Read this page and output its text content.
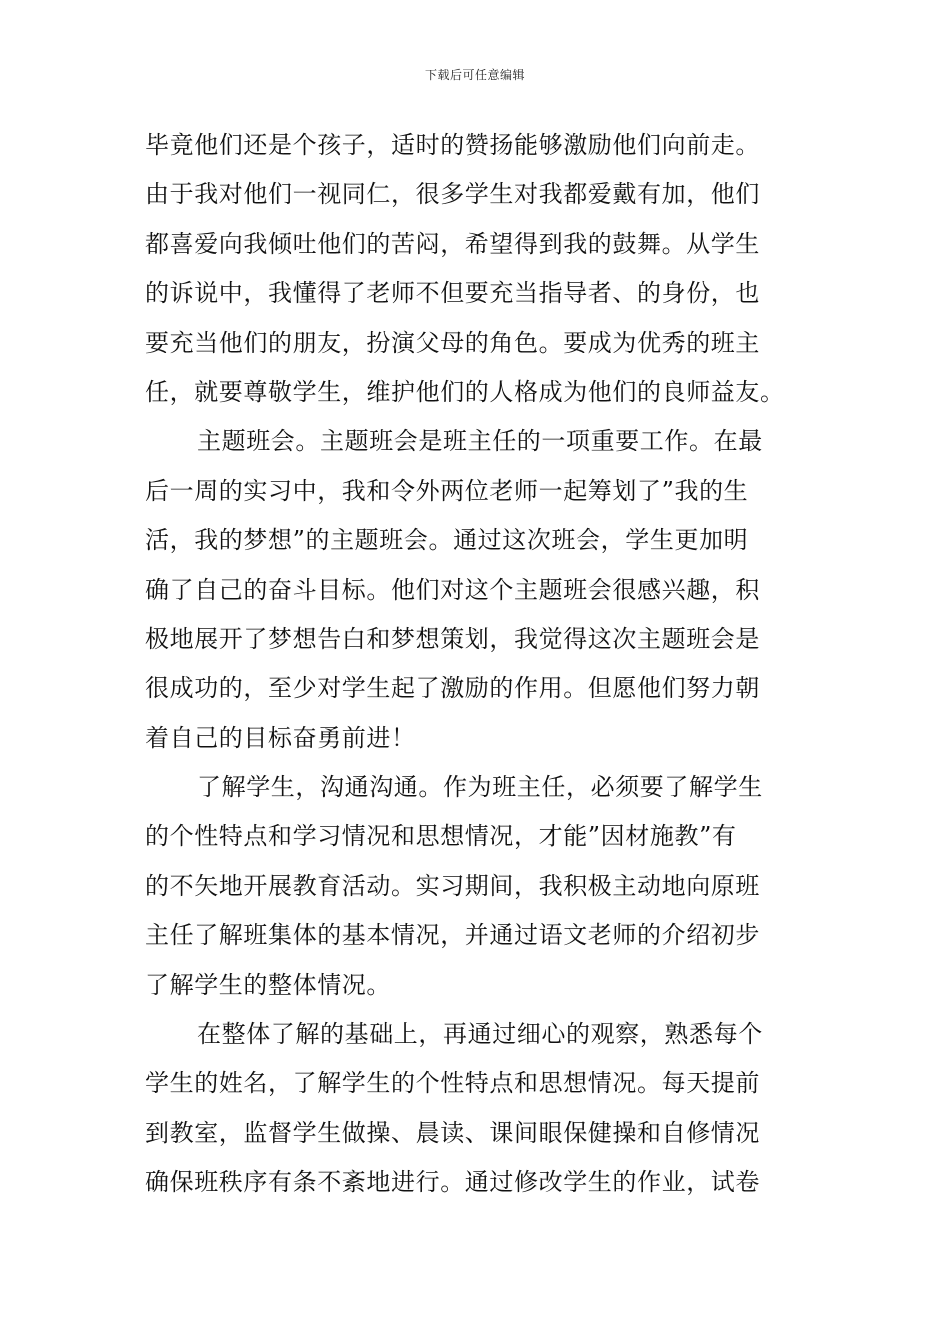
下载后可任意编辑
毕竟他们还是个孩子，适时的赞扬能够激励他们向前走。
由于我对他们一视同仁，很多学生对我都爱戴有加，他们
都喜爱向我倾吐他们的苦闷，希望得到我的鼓舞。从学生
的诉说中，我懂得了老师不但要充当指导者、的身份，也
要充当他们的朋友，扮演父母的角色。要成为优秀的班主
任，就要尊敬学生，维护他们的人格成为他们的良师益友。
主题班会。主题班会是班主任的一项重要工作。在最
后一周的实习中，我和令外两位老师一起筹划了”我的生
活，我的梦想”的主题班会。通过这次班会，学生更加明
确了自己的奋斗目标。他们对这个主题班会很感兴趣，积
极地展开了梦想告白和梦想策划，我觉得这次主题班会是
很成功的，至少对学生起了激励的作用。但愿他们努力朝
着自己的目标奋勇前进！
了解学生，沟通沟通。作为班主任，必须要了解学生
的个性特点和学习情况和思想情况，才能”因材施教”有
的不矢地开展教育活动。实习期间，我积极主动地向原班
主任了解班集体的基本情况，并通过语文老师的介绍初步
了解学生的整体情况。
在整体了解的基础上，再通过细心的观察，熟悉每个
学生的姓名，了解学生的个性特点和思想情况。每天提前
到教室，监督学生做操、晨读、课间眼保健操和自修情况
确保班秩序有条不紊地进行。通过修改学生的作业，试卷
